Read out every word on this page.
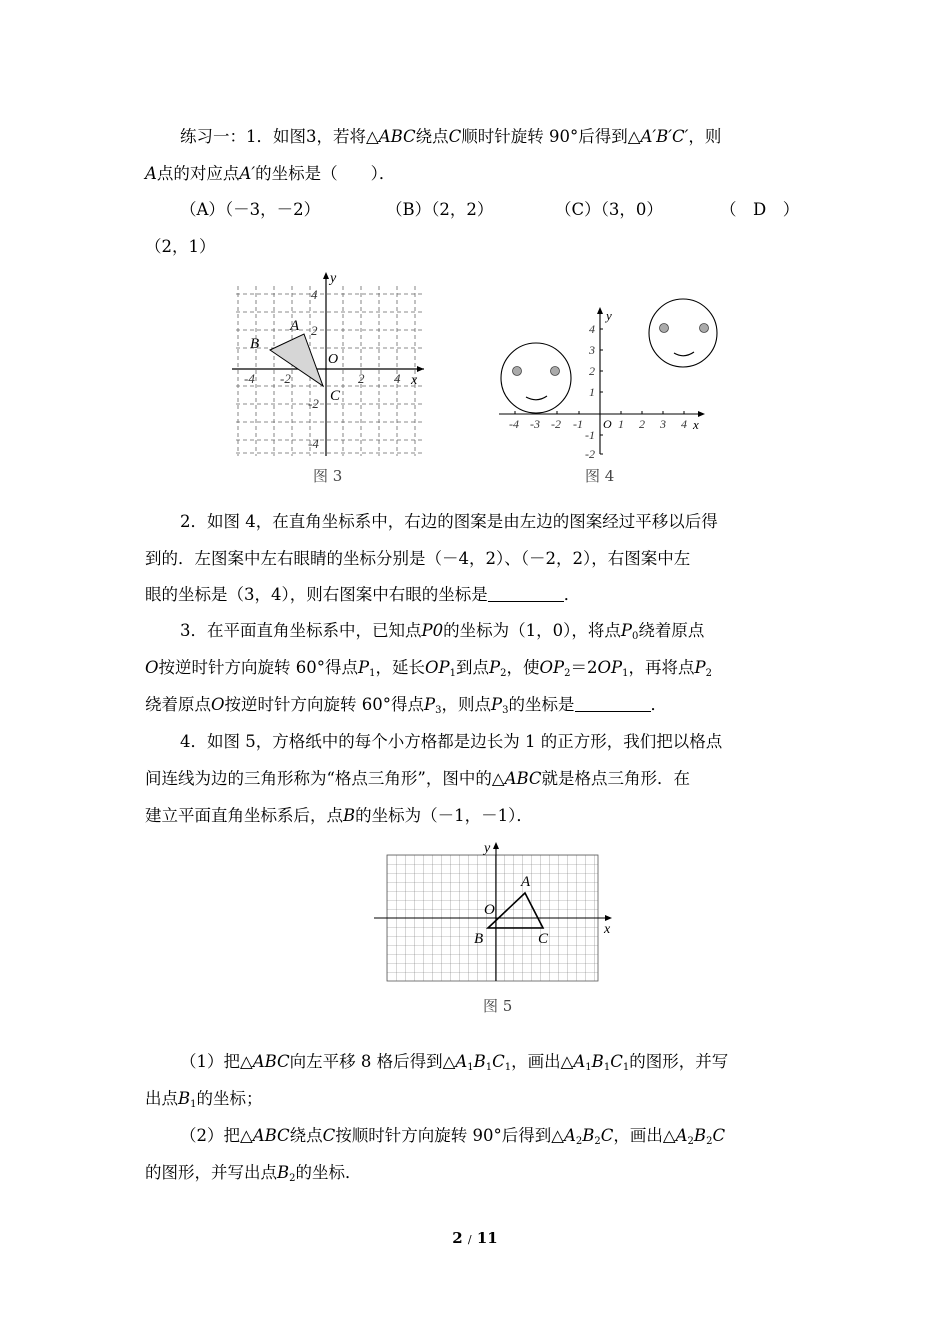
练习一：1．如图3，若将△ABC绕点C顺时针旋转 90°后得到△A′B′C′，则
A点的对应点A′的坐标是（　　）．
（A）（－3，－2）	（B）（2，2）	（C）（3，0）	（　D　）
（2，1）
y
x
O
4
2
-2
-4
-4 -2	2 4
A
B
C
图 3
y
x
O
-4 -3 -2 -1	1 2 3 4
4
3
2
1
-1
-2
图 4
2．如图 4，在直角坐标系中，右边的图案是由左边的图案经过平移以后得
到的．左图案中左右眼睛的坐标分别是（－4，2）、（－2，2），右图案中左
眼的坐标是（3，4），则右图案中右眼的坐标是	．
3．在平面直角坐标系中，已知点P0的坐标为（1，0），将点$P_0$绕着原点
O按逆时针方向旋转 60°得点$P_1$，延长$OP_1$到点$P_2$，使$OP_2=2OP_1$，再将点$P_2$
绕着原点O按逆时针方向旋转 60°得点$P_3$，则点$P_3$的坐标是	．
4．如图 5，方格纸中的每个小方格都是边长为 1 的正方形，我们把以格点
间连线为边的三角形称为“格点三角形”，图中的△ABC就是格点三角形．在
建立平面直角坐标系后，点B的坐标为（－1，－1）．
y
x
O
A
B	C
图 5
（1）把△ABC向左平移 8 格后得到$\triangle A_1B_1C_1$，画出$\triangle A_1B_1C_1$的图形，并写
出点$B_1$的坐标；
（2）把△ABC绕点C按顺时针方向旋转 90°后得到$\triangle A_2B_2C$，画出$\triangle A_2B_2C$
的图形，并写出点$B_2$的坐标．
2 / 11
